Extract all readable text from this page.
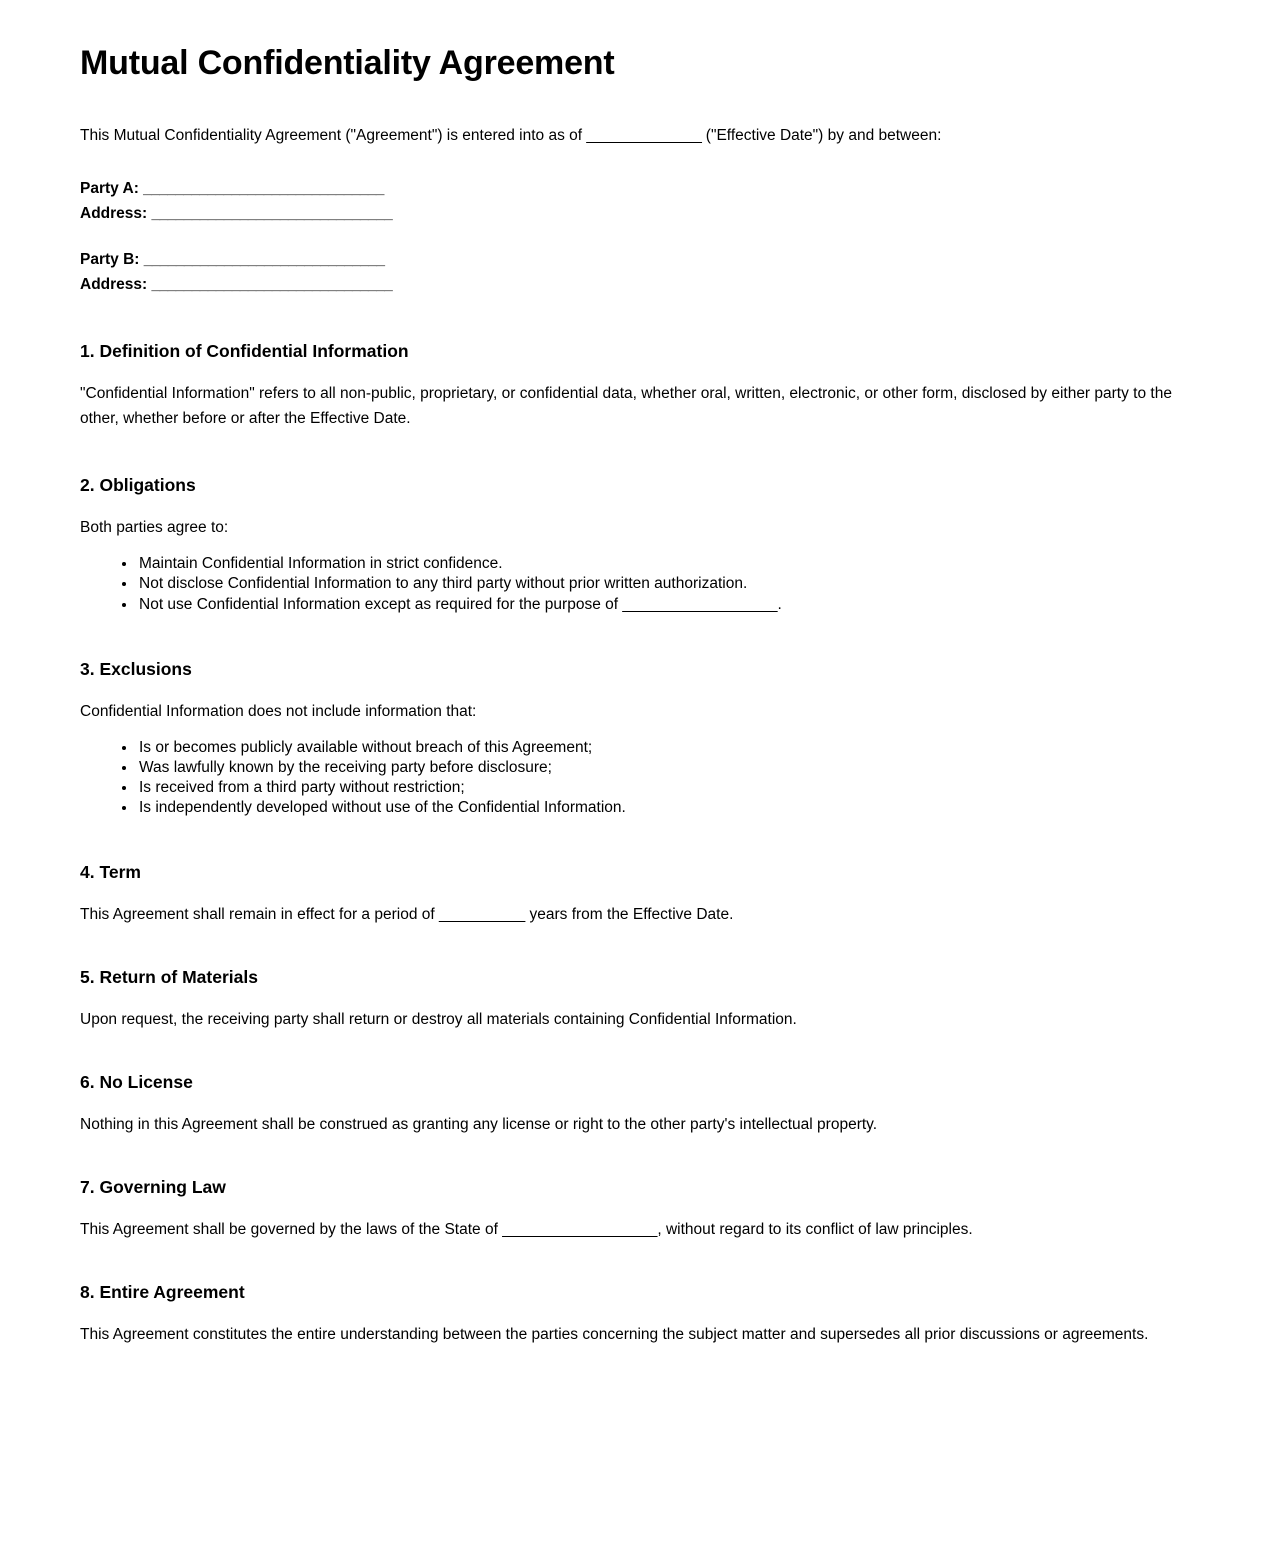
Mutual Confidentiality Agreement

This Mutual Confidentiality Agreement ("Agreement") is entered into as of ______________ ("Effective Date") by and between:

Party A: ______________________________
Address: ______________________________
Party B: ______________________________
Address: ______________________________
1. Definition of Confidential Information

"Confidential Information" refers to all non-public, proprietary, or confidential data, whether oral, written, electronic, or other form, disclosed by either party to the other, whether before or after the Effective Date.

2. Obligations

Both parties agree to:

• Maintain Confidential Information in strict confidence.
• Not disclose Confidential Information to any third party without prior written authorization.
• Not use Confidential Information except as required for the purpose of __________________.
3. Exclusions

Confidential Information does not include information that:

• Is or becomes publicly available without breach of this Agreement;
• Was lawfully known by the receiving party before disclosure;
• Is received from a third party without restriction;
• Is independently developed without use of the Confidential Information.
4. Term

This Agreement shall remain in effect for a period of __________ years from the Effective Date.

5. Return of Materials

Upon request, the receiving party shall return or destroy all materials containing Confidential Information.

6. No License

Nothing in this Agreement shall be construed as granting any license or right to the other party's intellectual property.

7. Governing Law

This Agreement shall be governed by the laws of the State of __________________, without regard to its conflict of law principles.

8. Entire Agreement

This Agreement constitutes the entire understanding between the parties concerning the subject matter and supersedes all prior discussions or agreements.
